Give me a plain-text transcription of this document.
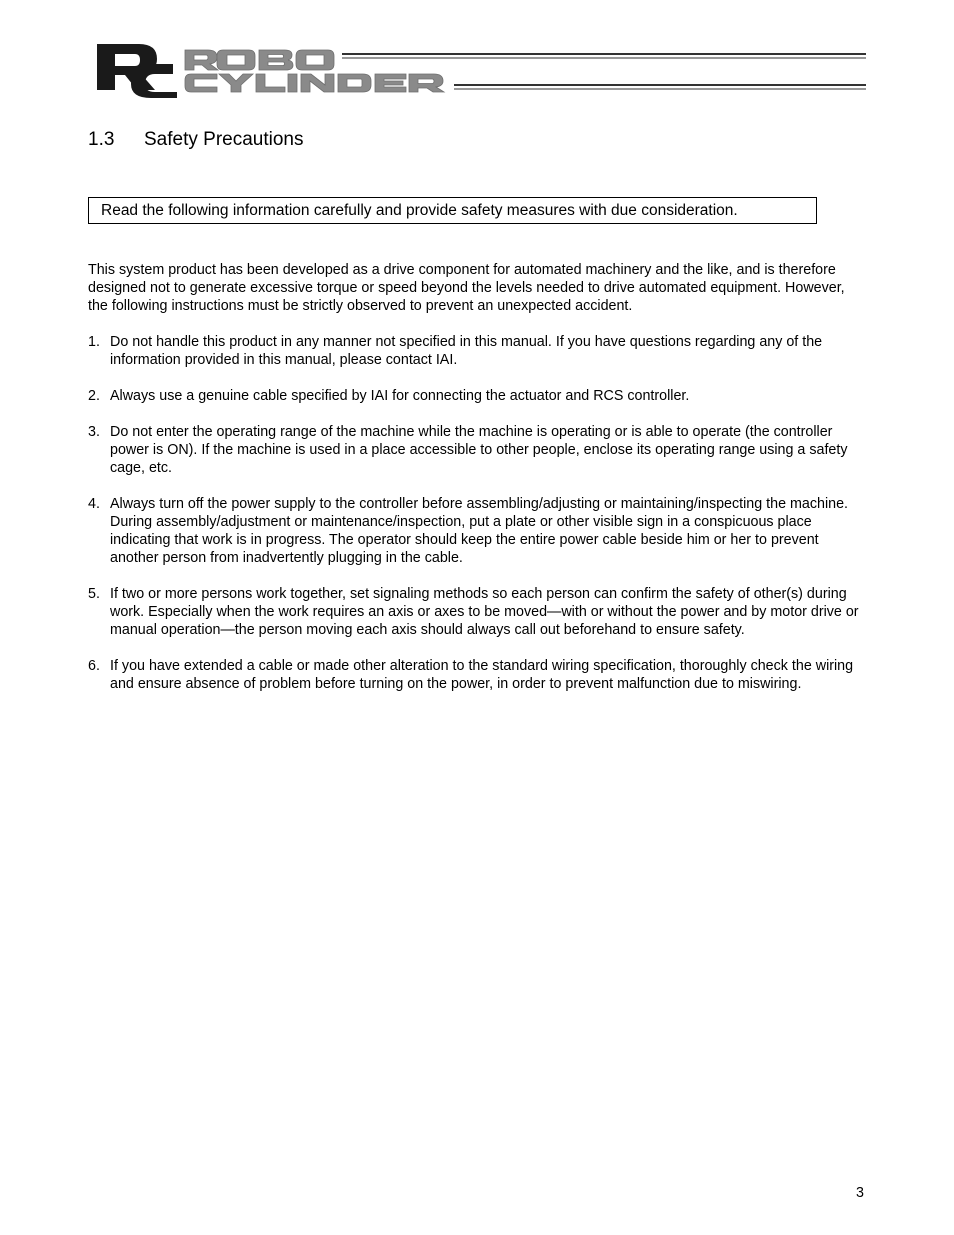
1.3 Safety Precautions
Read the following information carefully and provide safety measures with due consideration.

This system product has been developed as a drive component for automated machinery and the like, and is therefore designed not to generate excessive torque or speed beyond the levels needed to drive automated equipment. However, the following instructions must be strictly observed to prevent an unexpected accident.

1. Do not handle this product in any manner not specified in this manual. If you have questions regarding any of the information provided in this manual, please contact IAI.
2. Always use a genuine cable specified by IAI for connecting the actuator and RCS controller.
3. Do not enter the operating range of the machine while the machine is operating or is able to operate (the controller power is ON). If the machine is used in a place accessible to other people, enclose its operating range using a safety cage, etc.
4. Always turn off the power supply to the controller before assembling/adjusting or maintaining/inspecting the machine. During assembly/adjustment or maintenance/inspection, put a plate or other visible sign in a conspicuous place indicating that work is in progress. The operator should keep the entire power cable beside him or her to prevent another person from inadvertently plugging in the cable.
5. If two or more persons work together, set signaling methods so each person can confirm the safety of other(s) during work. Especially when the work requires an axis or axes to be moved—with or without the power and by motor drive or manual operation—the person moving each axis should always call out beforehand to ensure safety.
6. If you have extended a cable or made other alteration to the standard wiring specification, thoroughly check the wiring and ensure absence of problem before turning on the power, in order to prevent malfunction due to miswiring.
3
